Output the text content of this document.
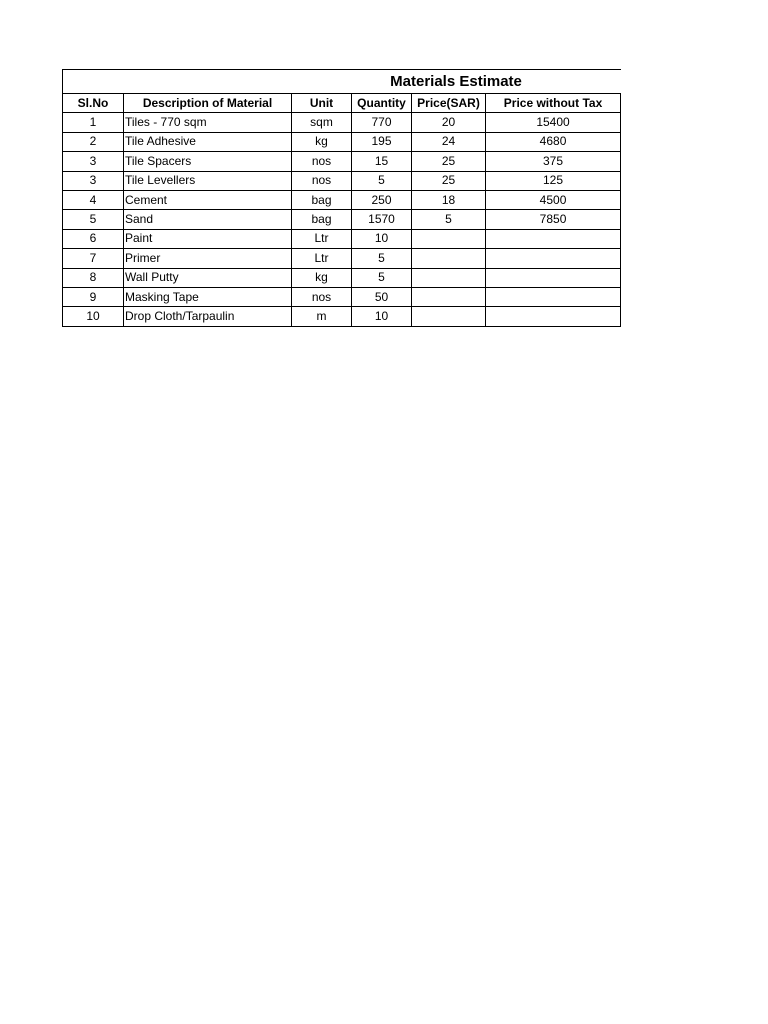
		Materials Estimate			
Sl.No	Description of Material	Unit	Quantity	Price(SAR)	Price without Tax
1	Tiles - 770 sqm	sqm	770	20	15400
2	Tile Adhesive	kg	195	24	4680
3	Tile Spacers	nos	15	25	375
3	Tile Levellers	nos	5	25	125
4	Cement	bag	250	18	4500
5	Sand	bag	1570	5	7850
6	Paint	Ltr	10		
7	Primer	Ltr	5		
8	Wall Putty	kg	5		
9	Masking Tape	nos	50		
10	Drop Cloth/Tarpaulin	m	10		
